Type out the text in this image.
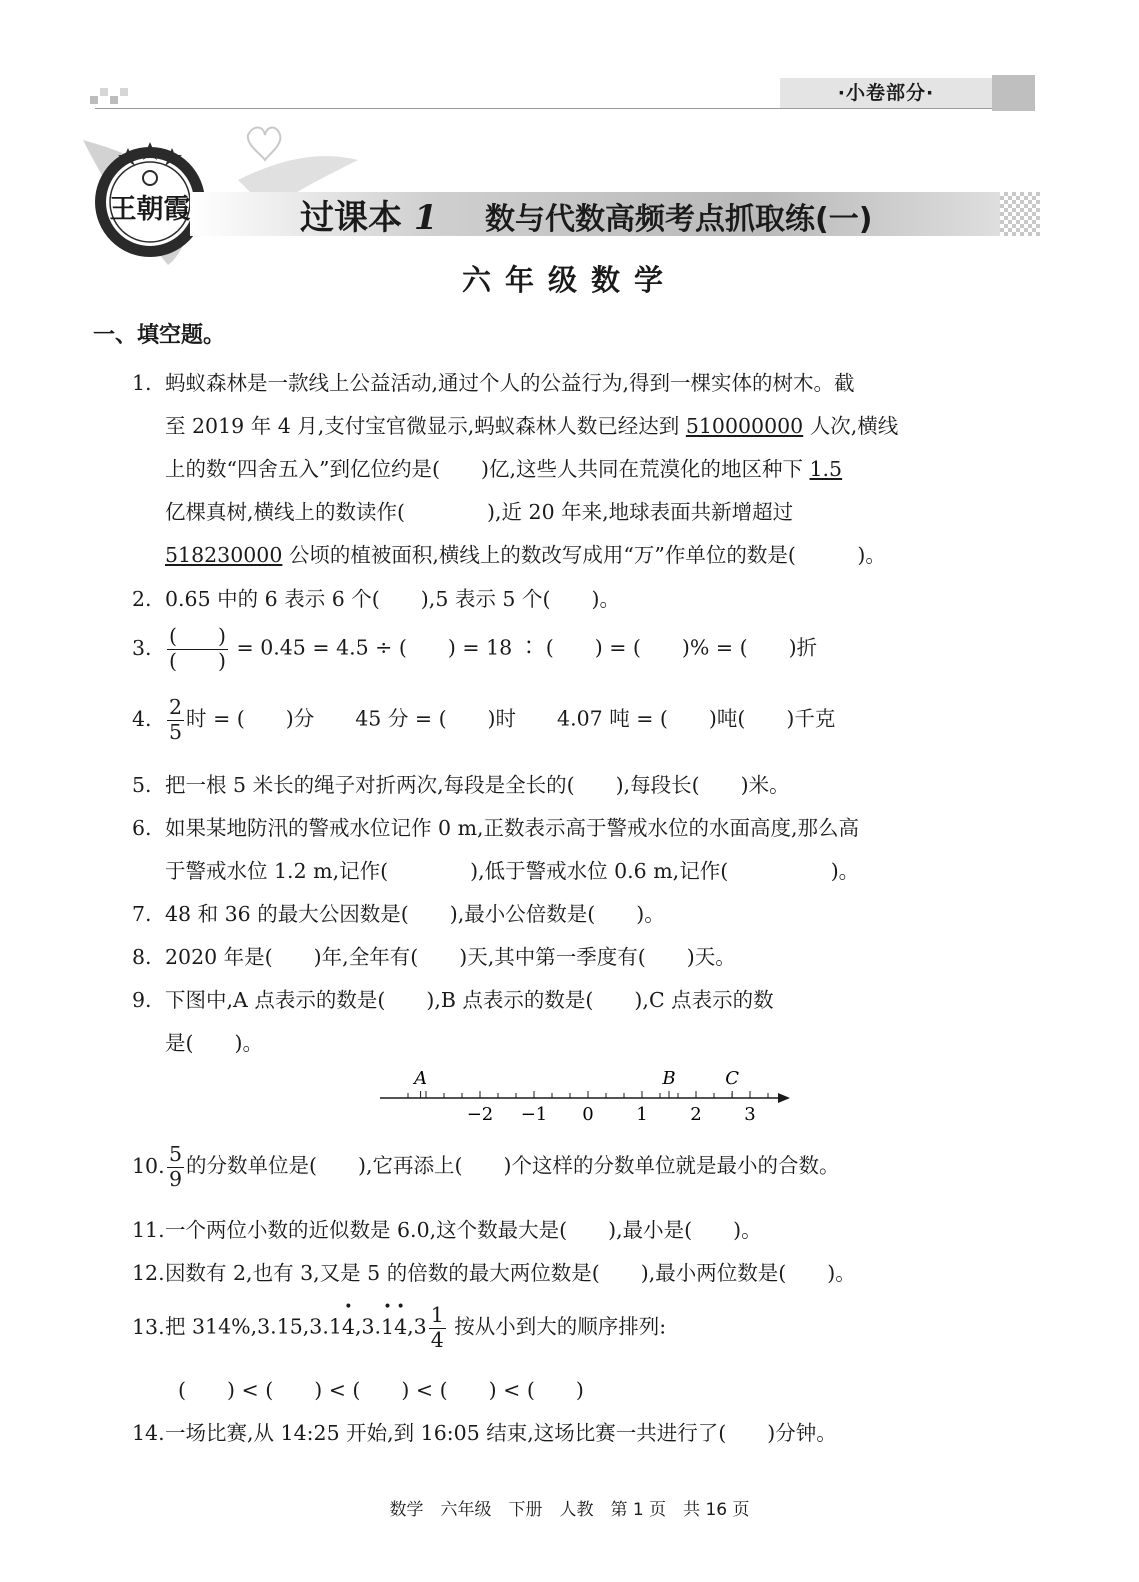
·小卷部分·
王朝霞
WANGZHAOXIA	过课本 1 数与代数高频考点抓取练(一)
六年级数学
一、填空题。
1. 蚂蚁森林是一款线上公益活动,通过个人的公益行为,得到一棵实体的树木。截
至 2019 年 4 月,支付宝官微显示,蚂蚁森林人数已经达到 510000000 人次,横线
上的数“四舍五入”到亿位约是(　　)亿,这些人共同在荒漠化的地区种下 1.5
亿棵真树,横线上的数读作(　　　　),近 20 年来,地球表面共新增超过
518230000 公顷的植被面积,横线上的数改写成用“万”作单位的数是(　　　)。
2. 0.65 中的 6 表示 6 个(　　),5 表示 5 个(　　)。
3. $\frac{( )}{( )} = 0.45 = 4.5$ ÷ (　　) = 18 ∶ (　　) = (　　)% = (　　)折
4. $\frac{2}{5}$ 时 = (　　)分　　45 分 = (　　)时　　4.07 吨 = (　　)吨(　　)千克
5. 把一根 5 米长的绳子对折两次,每段是全长的(　　),每段长(　　)米。
6. 如果某地防汛的警戒水位记作 0 m,正数表示高于警戒水位的水面高度,那么高
于警戒水位 1.2 m,记作(　　　　),低于警戒水位 0.6 m,记作(　　　　　)。
7. 48 和 36 的最大公因数是(　　),最小公倍数是(　　)。
8. 2020 年是(　　)年,全年有(　　)天,其中第一季度有(　　)天。
9. 下图中,A 点表示的数是(　　),B 点表示的数是(　　),C 点表示的数
是(　　)。
−2 −1 0 1 2 3
A	B	C
10. $\frac{5}{9}$ 的分数单位是(　　),它再添上(　　)个这样的分数单位就是最小的合数。
11.一个两位小数的近似数是 6.0,这个数最大是(　　),最小是(　　)。
12.因数有 2,也有 3,又是 5 的倍数的最大两位数是(　　),最小两位数是(　　)。
13.把 314%,3.15,3.1• 4,3.• 1• $4,3 \frac{1}{4}$ 按从小到大的顺序排列:
(　　) < (　　) < (　　) < (　　) < (　　)
14.一场比赛,从 14:25 开始,到 16:05 结束,这场比赛一共进行了(　　)分钟。
数学　六年级　下册　人教　第 1 页　共 16 页
